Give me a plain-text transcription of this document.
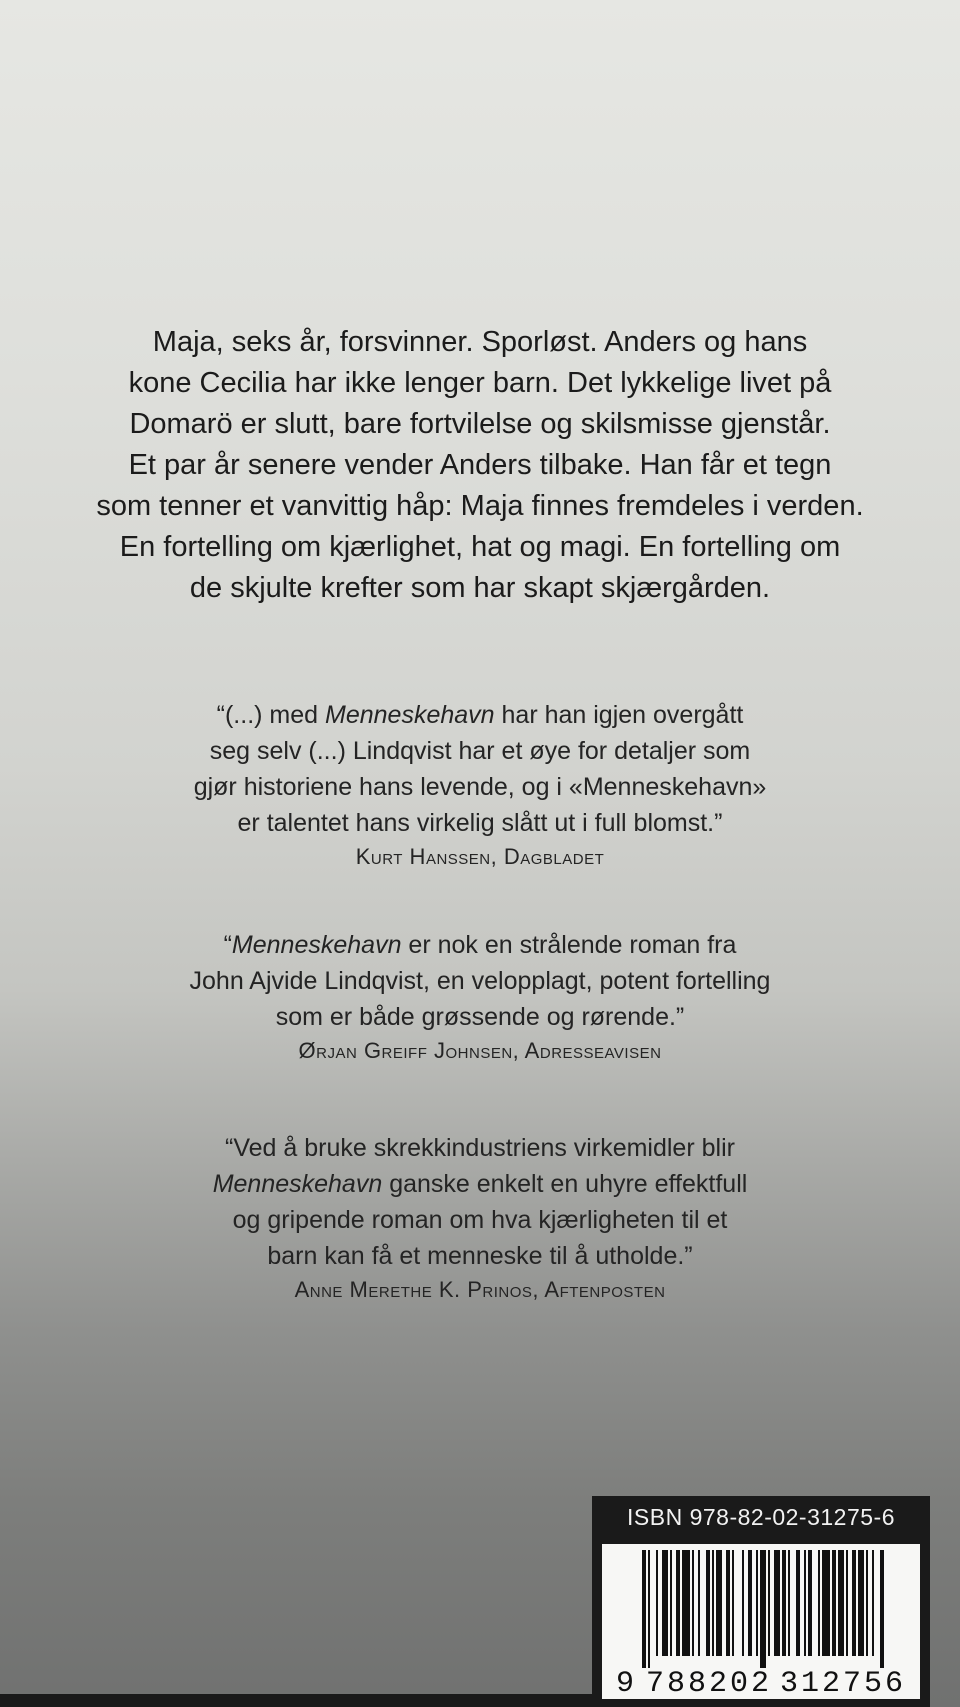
Maja, seks år, forsvinner. Sporløst. Anders og hans
kone Cecilia har ikke lenger barn. Det lykkelige livet på
Domarö er slutt, bare fortvilelse og skilsmisse gjenstår.
Et par år senere vender Anders tilbake. Han får et tegn
som tenner et vanvittig håp: Maja finnes fremdeles i verden.
En fortelling om kjærlighet, hat og magi. En fortelling om
de skjulte krefter som har skapt skjærgården.
“(...) med Menneskehavn har han igjen overgått
seg selv (...) Lindqvist har et øye for detaljer som
gjør historiene hans levende, og i «Menneskehavn»
er talentet hans virkelig slått ut i full blomst.”
Kurt Hanssen, Dagbladet
“Menneskehavn er nok en strålende roman fra
John Ajvide Lindqvist, en velopplagt, potent fortelling
som er både grøssende og rørende.”
Ørjan Greiff Johnsen, Adresseavisen
“Ved å bruke skrekkindustriens virkemidler blir
Menneskehavn ganske enkelt en uhyre effektfull
og gripende roman om hva kjærligheten til et
barn kan få et menneske til å utholde.”
Anne Merethe K. Prinos, Aftenposten
ISBN 978-82-02-31275-6
9 788202 312756
